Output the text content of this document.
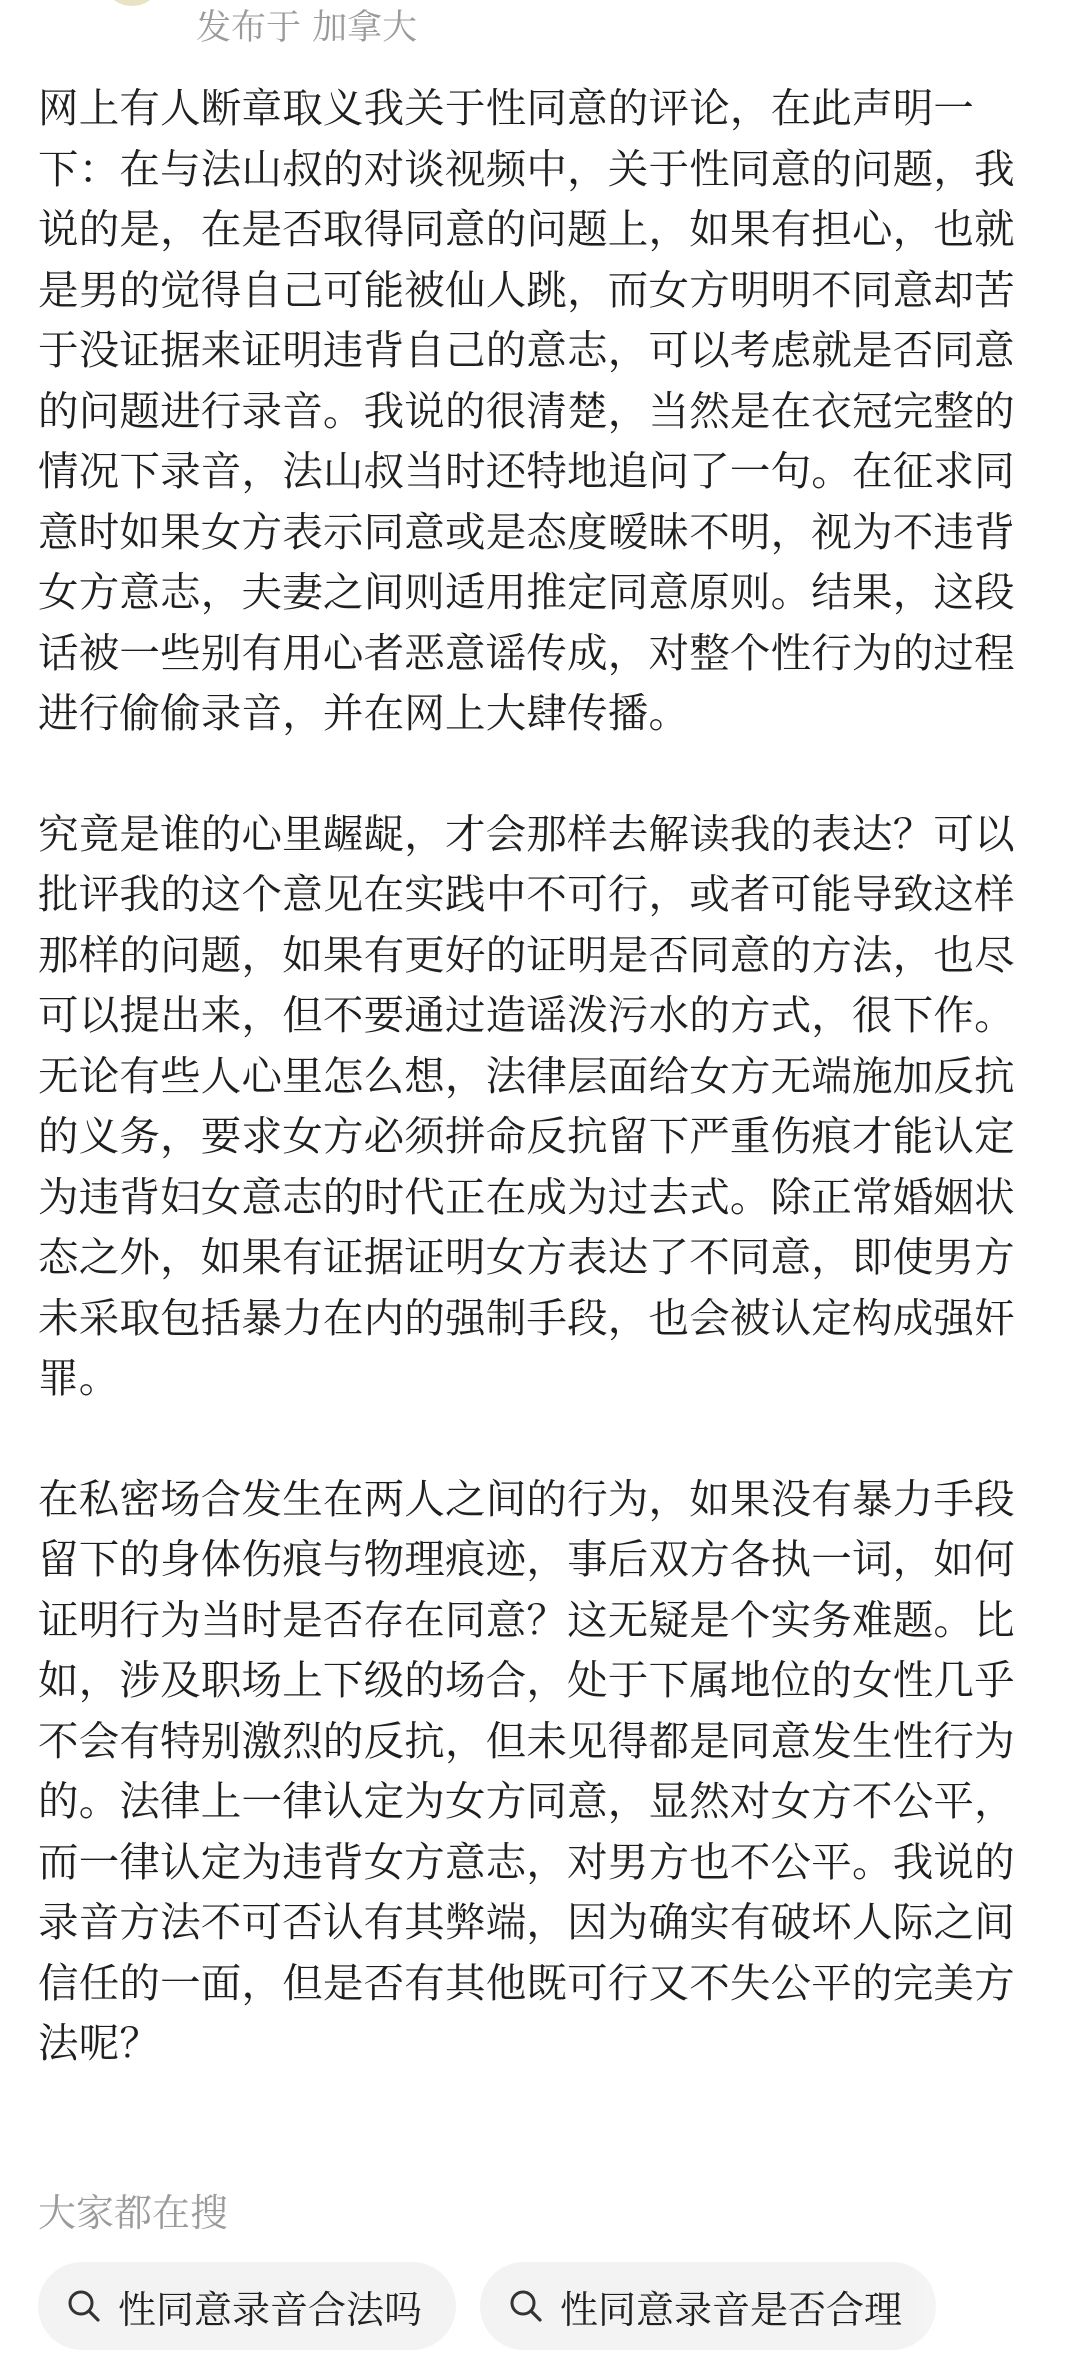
发布于 加拿大

网上有人断章取义我关于性同意的评论，在此声明一下：在与法山叔的对谈视频中，关于性同意的问题，我说的是，在是否取得同意的问题上，如果有担心，也就是男的觉得自己可能被仙人跳，而女方明明不同意却苦于没证据来证明违背自己的意志，可以考虑就是否同意的问题进行录音。我说的很清楚，当然是在衣冠完整的情况下录音，法山叔当时还特地追问了一句。在征求同意时如果女方表示同意或是态度暧昧不明，视为不违背女方意志，夫妻之间则适用推定同意原则。结果，这段话被一些别有用心者恶意谣传成，对整个性行为的过程进行偷偷录音，并在网上大肆传播。

究竟是谁的心里龌龊，才会那样去解读我的表达？可以批评我的这个意见在实践中不可行，或者可能导致这样那样的问题，如果有更好的证明是否同意的方法，也尽可以提出来，但不要通过造谣泼污水的方式，很下作。无论有些人心里怎么想，法律层面给女方无端施加反抗的义务，要求女方必须拼命反抗留下严重伤痕才能认定为违背妇女意志的时代正在成为过去式。除正常婚姻状态之外，如果有证据证明女方表达了不同意，即使男方未采取包括暴力在内的强制手段，也会被认定构成强奸罪。

在私密场合发生在两人之间的行为，如果没有暴力手段留下的身体伤痕与物理痕迹，事后双方各执一词，如何证明行为当时是否存在同意？这无疑是个实务难题。比如，涉及职场上下级的场合，处于下属地位的女性几乎不会有特别激烈的反抗，但未见得都是同意发生性行为的。法律上一律认定为女方同意，显然对女方不公平，而一律认定为违背女方意志，对男方也不公平。我说的录音方法不可否认有其弊端，因为确实有破坏人际之间信任的一面，但是否有其他既可行又不失公平的完美方法呢？

大家都在搜
性同意录音合法吗	性同意录音是否合理
